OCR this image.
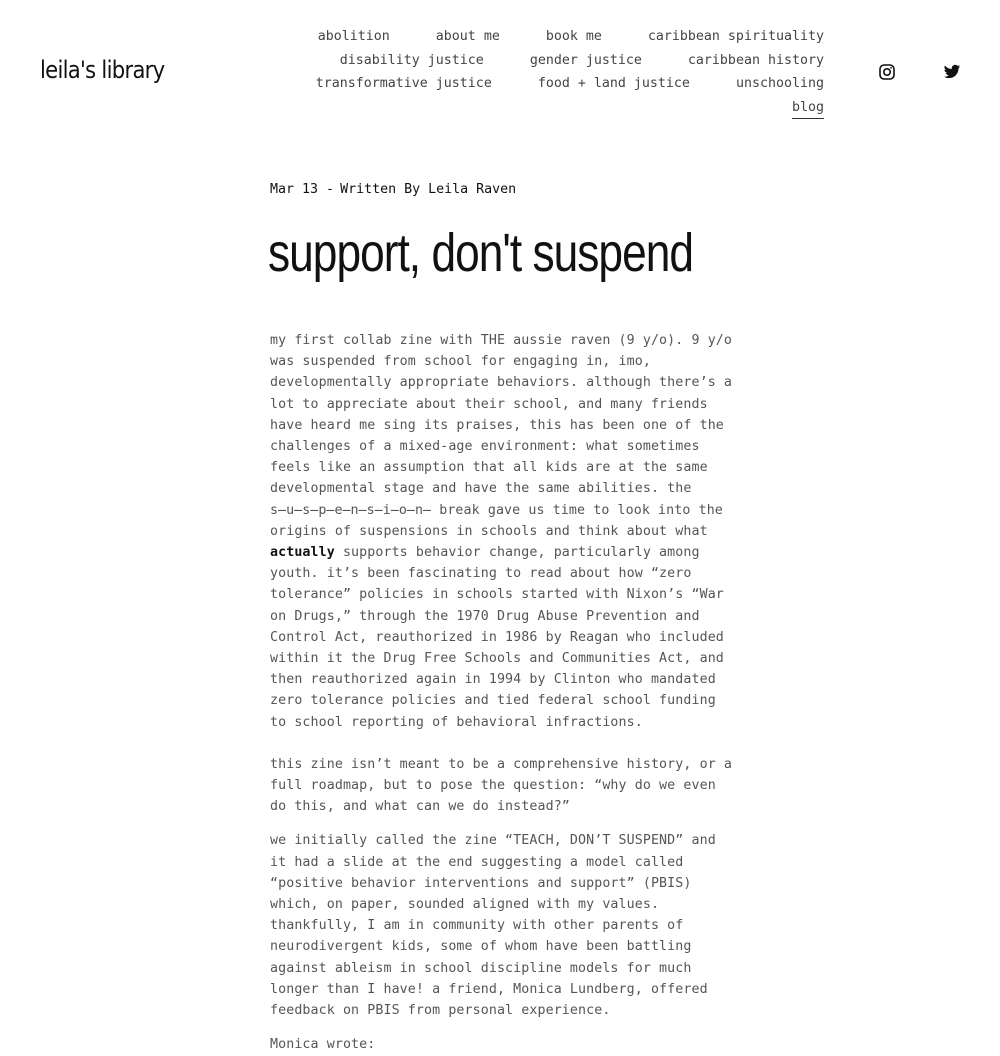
leila's library
abolition	about me	book me	caribbean spirituality
disability justice	gender justice	caribbean history
transformative justice	food + land justice	unschooling
blog
Mar 13 - Written By Leila Raven
support, don't suspend

my first collab zine with THE aussie raven (9 y/o). 9 y/o was suspended from school for engaging in, imo, developmentally appropriate behaviors. although there’s a lot to appreciate about their school, and many friends have heard me sing its praises, this has been one of the challenges of a mixed-age environment: what sometimes feels like an assumption that all kids are at the same developmental stage and have the same abilities. the s̶u̶s̶p̶e̶n̶s̶i̶o̶n̶ break gave us time to look into the origins of suspensions in schools and think about what actually supports behavior change, particularly among youth. it’s been fascinating to read about how “zero tolerance” policies in schools started with Nixon’s “War on Drugs,” through the 1970 Drug Abuse Prevention and Control Act, reauthorized in 1986 by Reagan who included within it the Drug Free Schools and Communities Act, and then reauthorized again in 1994 by Clinton who mandated zero tolerance policies and tied federal school funding to school reporting of behavioral infractions.

this zine isn’t meant to be a comprehensive history, or a full roadmap, but to pose the question: “why do we even do this, and what can we do instead?”

we initially called the zine “TEACH, DON’T SUSPEND” and it had a slide at the end suggesting a model called “positive behavior interventions and support” (PBIS) which, on paper, sounded aligned with my values. thankfully, I am in community with other parents of neurodivergent kids, some of whom have been battling against ableism in school discipline models for much longer than I have! a friend, Monica Lundberg, offered feedback on PBIS from personal experience.

Monica wrote:
